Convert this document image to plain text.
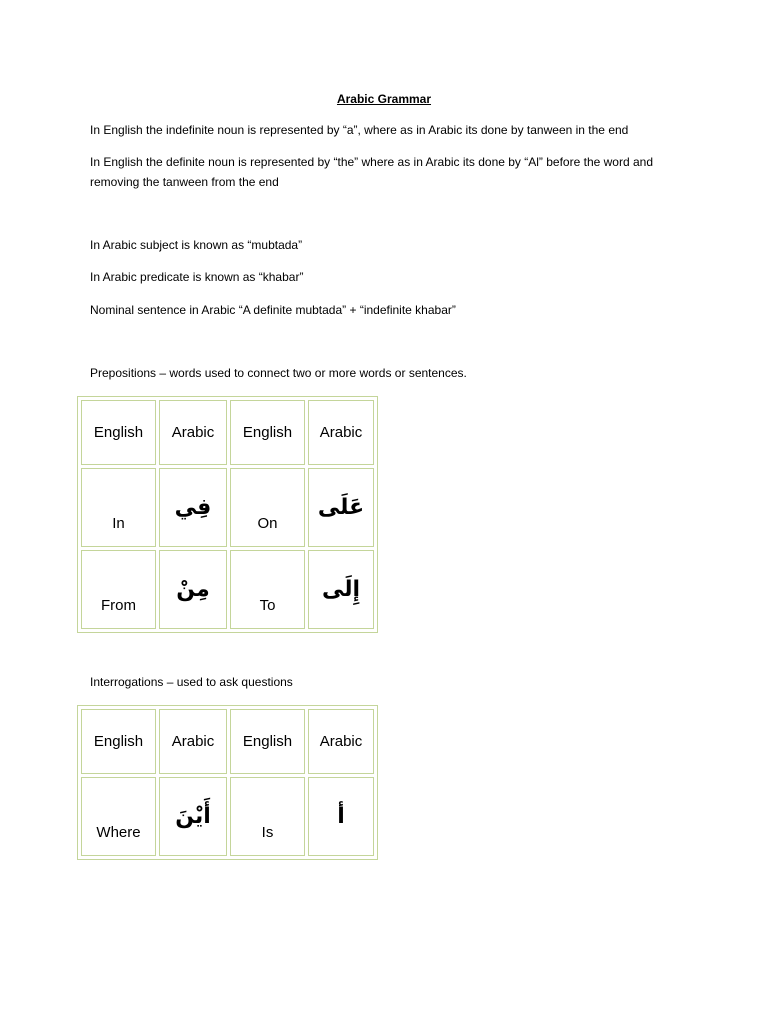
Arabic Grammar
In English the indefinite noun is represented by “a”, where as in Arabic its done by tanween in the end
In English the definite noun is represented by “the” where as in Arabic its done by “Al” before the word and removing the tanween from the end
In Arabic subject is known as “mubtada”
In Arabic predicate is known as “khabar”
Nominal sentence in Arabic “A definite mubtada” + “indefinite khabar”
Prepositions – words used to connect two or more words or sentences.
English	Arabic	English	Arabic
In	فِي	On	عَلَى
From	مِنْ	To	إِلَى
Interrogations – used to ask questions
English	Arabic	English	Arabic
Where	أَيْنَ	Is	أ
